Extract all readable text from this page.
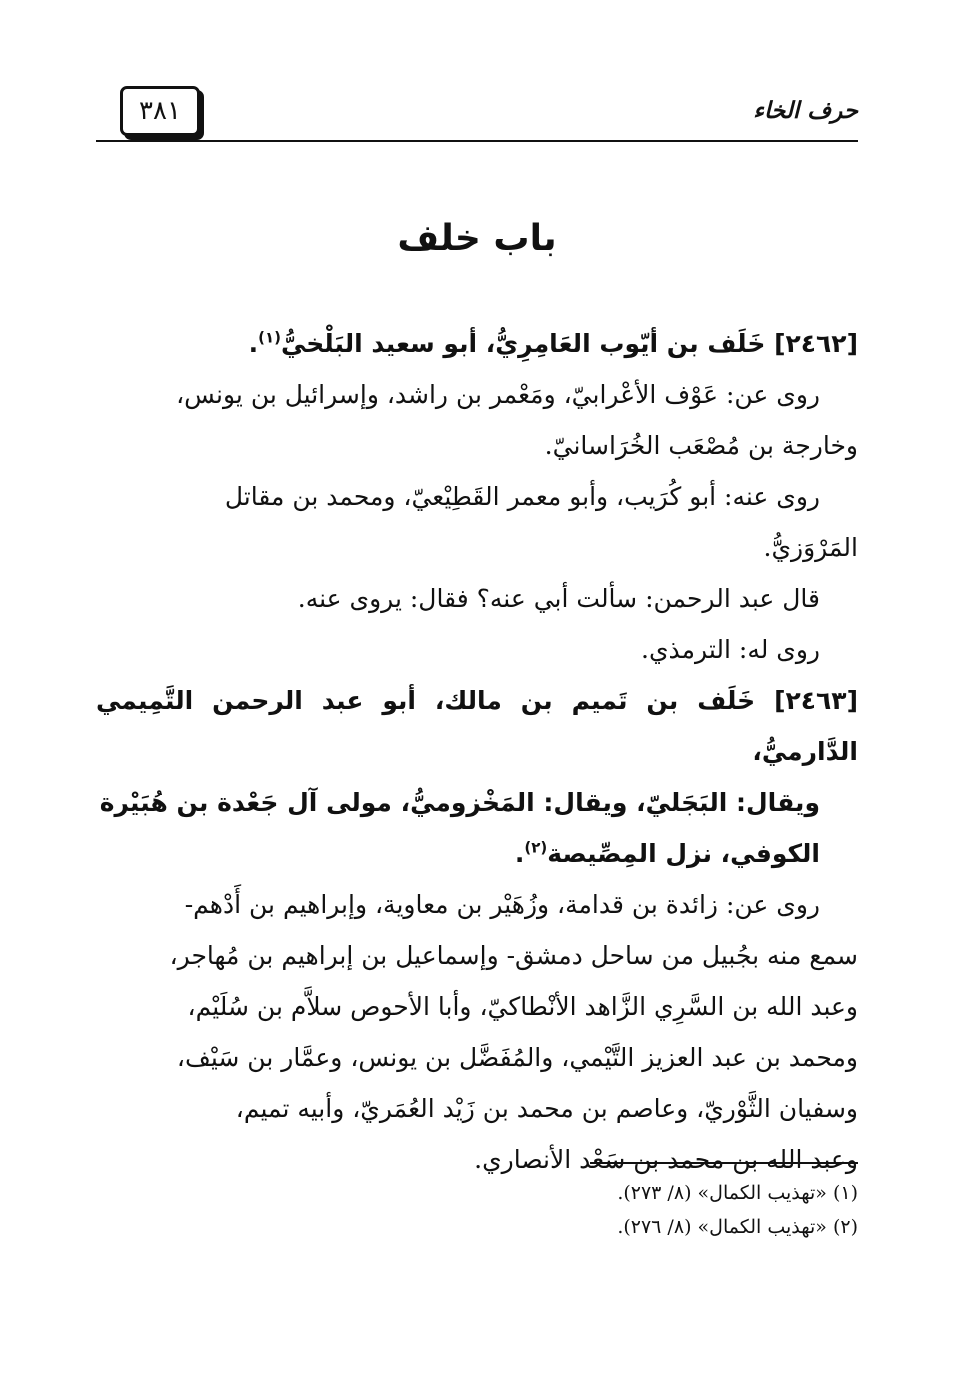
٣٨١	حرف الخاء
باب خلف
[٢٤٦٢] خَلَف بن أيّوب العَامِرِيُّ، أبو سعيد البَلْخيُّ$^{(١)}$.
روى عن: عَوْف الأعْرابيّ، ومَعْمر بن راشد، وإسرائيل بن يونس،
وخارجة بن مُصْعَب الخُرَاسانيّ.
روى عنه: أبو كُرَيب، وأبو معمر القَطِيْعيّ، ومحمد بن مقاتل
المَرْوَزيُّ.
قال عبد الرحمن: سألت أبي عنه؟ فقال: يروى عنه.
روى له: الترمذي.
[٢٤٦٣] خَلَف بن تَميم بن مالك، أبو عبد الرحمن التَّمِيمي الدَّارميُّ،
ويقال: البَجَليّ، ويقال: المَخْزوميُّ، مولى آل جَعْدة بن هُبَيْرة
الكوفي، نزل المِصِّيصة$^{(٢)}$.
روى عن: زائدة بن قدامة، وزُهَيْر بن معاوية، وإبراهيم بن أَدْهم-
سمع منه بجُبيل من ساحل دمشق- وإسماعيل بن إبراهيم بن مُهاجر،
وعبد الله بن السَّرِي الزَّاهد الأنْطاكيّ، وأبا الأحوص سلاَّم بن سُلَيْم،
ومحمد بن عبد العزيز التَّيْمي، والمُفَضَّل بن يونس، وعمَّار بن سَيْف،
وسفيان الثَّوْريّ، وعاصم بن محمد بن زَيْد العُمَريّ، وأبيه تميم،
وعبد الله بن محمد بن سَعْد الأنصاري.
(١) «تهذيب الكمال» (٨/ ٢٧٣).
(٢) «تهذيب الكمال» (٨/ ٢٧٦).
